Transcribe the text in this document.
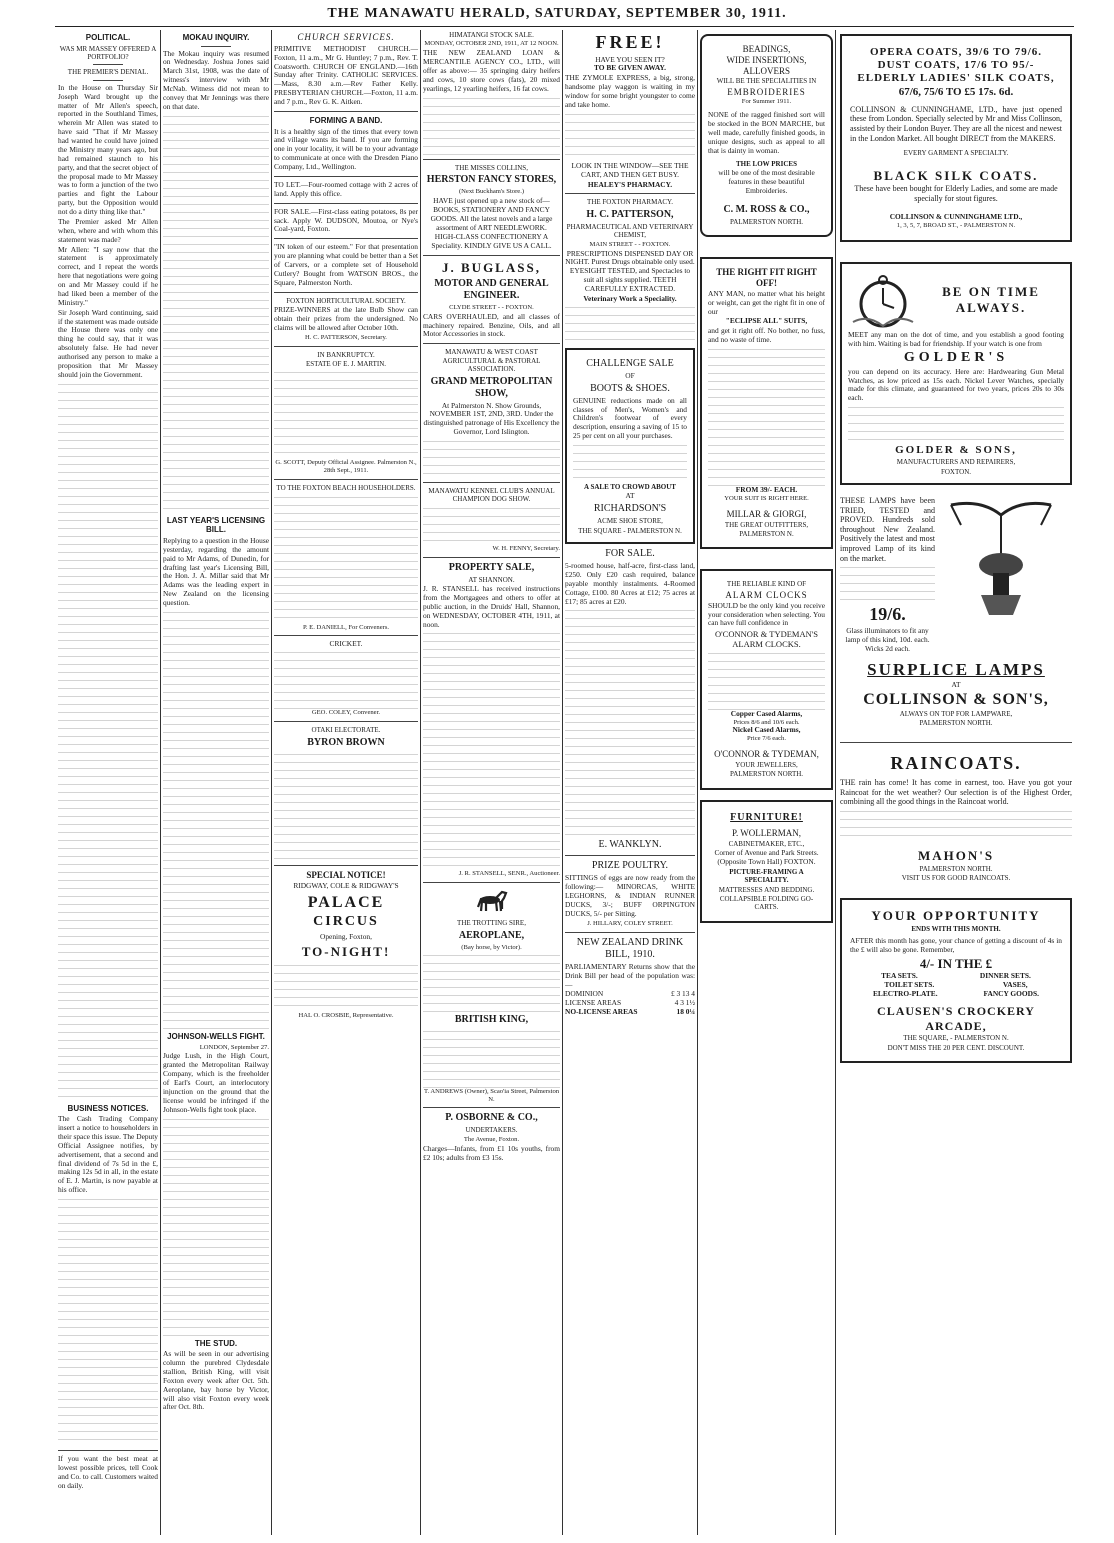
THE MANAWATU HERALD, SATURDAY, SEPTEMBER 30, 1911.
POLITICAL.
WAS MR MASSEY OFFERED A PORTFOLIO?
THE PREMIER'S DENIAL.

In the House on Thursday Sir Joseph Ward brought up the matter of Mr Allen's speech, reported in the Southland Times, wherein Mr Allen was stated to have said "That if Mr Massey had wanted he could have joined the Ministry many years ago, but had remained staunch to his party, and that the secret object of the proposal made to Mr Massey was to form a junction of the two parties and fight the Labour party, but the Opposition would not do a dirty thing like that."

The Premier asked Mr Allen when, where and with whom this statement was made?

Mr Allen: "I say now that the statement is approximately correct, and I repeat the words here that negotiations were going on and Mr Massey could if he had liked been a member of the Ministry."

Sir Joseph Ward continuing, said if the statement was made outside the House there was only one thing he could say, that it was absolutely false. He had never authorised any person to make a proposition that Mr Massey should join the Government.

BUSINESS NOTICES.

The Cash Trading Company insert a notice to householders in their space this issue. The Deputy Official Assignee notifies, by advertisement, that a second and final dividend of 7s 5d in the £, making 12s 5d in all, in the estate of E. J. Martin, is now payable at his office.

If you want the best meat at lowest possible prices, tell Cook and Co. to call. Customers waited on daily.

MOKAU INQUIRY.

The Mokau inquiry was resumed on Wednesday. Joshua Jones said March 31st, 1908, was the date of witness's interview with Mr McNab. Witness did not mean to convey that Mr Jennings was there on that date.

LAST YEAR'S LICENSING BILL.

Replying to a question in the House yesterday, regarding the amount paid to Mr Adams, of Dunedin, for drafting last year's Licensing Bill, the Hon. J. A. Millar said that Mr Adams was the leading expert in New Zealand on the licensing question.

JOHNSON-WELLS FIGHT.
LONDON, September 27.

Judge Lush, in the High Court, granted the Metropolitan Railway Company, which is the freeholder of Earl's Court, an interlocutory injunction on the ground that the license would be infringed if the Johnson-Wells fight took place.

THE STUD.

As will be seen in our advertising column the purebred Clydesdale stallion, British King, will visit Foxton every week after Oct. 5th. Aeroplane, bay horse by Victor, will also visit Foxton every week after Oct. 8th.

CHURCH SERVICES.

PRIMITIVE METHODIST CHURCH.—Foxton, 11 a.m., Mr G. Huntley; 7 p.m., Rev. T. Coatsworth. CHURCH OF ENGLAND.—16th Sunday after Trinity. CATHOLIC SERVICES.—Mass, 8.30 a.m.—Rev Father Kelly. PRESBYTERIAN CHURCH.—Foxton, 11 a.m. and 7 p.m., Rev G. K. Aitken.

FORMING A BAND.

It is a healthy sign of the times that every town and village wants its band. If you are forming one in your locality, it will be to your advantage to communicate at once with the Dresden Piano Company, Ltd., Wellington.

TO LET.—Four-roomed cottage with 2 acres of land. Apply this office.

FOR SALE.—First-class eating potatoes, 8s per sack. Apply W. DUDSON, Moutoa, or Nye's Coal-yard, Foxton.

"IN token of our esteem." For that presentation you are planning what could be better than a Set of Carvers, or a complete set of Household Cutlery? Bought from WATSON BROS., the Square, Palmerston North.

FOXTON HORTICULTURAL SOCIETY.

PRIZE-WINNERS at the late Bulb Show can obtain their prizes from the undersigned. No claims will be allowed after October 10th.

H. C. PATTERSON, Secretary.
IN BANKRUPTCY.
ESTATE OF E. J. MARTIN.
G. SCOTT, Deputy Official Assignee. Palmerston N., 28th Sept., 1911.
TO THE FOXTON BEACH HOUSEHOLDERS.
P. E. DANIELL, For Conveners.
CRICKET.
GEO. COLEY, Convener.
OTAKI ELECTORATE.
BYRON BROWN
SPECIAL NOTICE!
RIDGWAY, COLE & RIDGWAY'S
PALACE
CIRCUS
Opening, Foxton,
TO-NIGHT!
HAL O. CROSBIE, Representative.
HIMATANGI STOCK SALE.
MONDAY, OCTOBER 2ND, 1911, AT 12 NOON.

THE NEW ZEALAND LOAN & MERCANTILE AGENCY CO., LTD., will offer as above:— 35 springing dairy heifers and cows, 10 store cows (fats), 20 mixed yearlings, 12 yearling heifers, 16 fat cows.

THE MISSES COLLINS,
HERSTON FANCY STORES,
(Next Buckham's Store.)

HAVE just opened up a new stock of— BOOKS, STATIONERY AND FANCY GOODS. All the latest novels and a large assortment of ART NEEDLEWORK.

HIGH-CLASS CONFECTIONERY A Speciality. KINDLY GIVE US A CALL.

J. BUGLASS,
MOTOR AND GENERAL ENGINEER.
CLYDE STREET - - FOXTON.

CARS OVERHAULED, and all classes of machinery repaired. Benzine, Oils, and all Motor Accessories in stock.

MANAWATU & WEST COAST AGRICULTURAL & PASTORAL ASSOCIATION.
GRAND METROPOLITAN SHOW,

At Palmerston N. Show Grounds, NOVEMBER 1ST, 2ND, 3RD. Under the distinguished patronage of His Excellency the Governor, Lord Islington.

MANAWATU KENNEL CLUB'S ANNUAL CHAMPION DOG SHOW.
W. H. FENNY, Secretary.
PROPERTY SALE,
AT SHANNON.

J. R. STANSELL has received instructions from the Mortgagees and others to offer at public auction, in the Druids' Hall, Shannon, on WEDNESDAY, OCTOBER 4TH, 1911, at noon.

J. R. STANSELL, SENR., Auctioneer.
THE TROTTING SIRE,
AEROPLANE,
(Bay horse, by Victor).
BRITISH KING,
T. ANDREWS (Owner), Scao'ia Street, Palmerston N.
P. OSBORNE & CO.,
UNDERTAKERS.
The Avenue, Foxton.

Charges—Infants, from £1 10s youths, from £2 10s; adults from £3 15s.

FREE!
HAVE YOU SEEN IT?
TO BE GIVEN AWAY.

THE ZYMOLE EXPRESS, a big, strong, handsome play waggon is waiting in my window for some bright youngster to come and take home.

LOOK IN THE WINDOW—SEE THE CART, AND THEN GET BUSY.

HEALEY'S PHARMACY.
THE FOXTON PHARMACY.
H. C. PATTERSON,
PHARMACEUTICAL AND VETERINARY CHEMIST,
MAIN STREET - - FOXTON.

PRESCRIPTIONS DISPENSED DAY OR NIGHT. Purest Drugs obtainable only used. EYESIGHT TESTED, and Spectacles to suit all sights supplied. TEETH CAREFULLY EXTRACTED.

Veterinary Work a Speciality.
CHALLENGE SALE
OF
BOOTS & SHOES.

GENUINE reductions made on all classes of Men's, Women's and Children's footwear of every description, ensuring a saving of 15 to 25 per cent on all your purchases.

A SALE TO CROWD ABOUT
AT
RICHARDSON'S
ACME SHOE STORE,
THE SQUARE - PALMERSTON N.
FOR SALE.

5-roomed house, half-acre, first-class land, £250. Only £20 cash required, balance payable monthly instalments. 4-Roomed Cottage, £100. 80 Acres at £12; 75 acres at £17; 85 acres at £20.

E. WANKLYN.
PRIZE POULTRY.

SITTINGS of eggs are now ready from the following:— MINORCAS, WHITE LEGHORNS, & INDIAN RUNNER DUCKS, 3/-; BUFF ORPINGTON DUCKS, 5/- per Sitting.

J. HILLARY, COLEY STREET.
NEW ZEALAND DRINK BILL, 1910.

PARLIAMENTARY Returns show that the Drink Bill per head of the population was:—

DOMINION	£ 3 13 4
LICENSE AREAS	4 3 1½
NO-LICENSE AREAS	18 0¼
BEADINGS,
WIDE INSERTIONS,
ALLOVERS
WILL BE THE SPECIALITIES IN
EMBROIDERIES
For Summer 1911.

NONE of the ragged finished sort will be stocked in the BON MARCHE, but well made, carefully finished goods, in unique designs, such as appeal to all that is dainty in woman.

THE LOW PRICES

will be one of the most desirable features in these beautiful Embroideries.

C. M. ROSS & CO.,
PALMERSTON NORTH.
THE RIGHT FIT RIGHT OFF!

ANY MAN, no matter what his height or weight, can get the right fit in one of our

"ECLIPSE ALL" SUITS,

and get it right off. No bother, no fuss, and no waste of time.

FROM 39/- EACH.
YOUR SUIT IS RIGHT HERE.
MILLAR & GIORGI,
THE GREAT OUTFITTERS,
PALMERSTON N.
THE RELIABLE KIND OF
ALARM CLOCKS

SHOULD be the only kind you receive your consideration when selecting. You can have full confidence in

O'CONNOR & TYDEMAN'S
ALARM CLOCKS.
Copper Cased Alarms,
Prices 8/6 and 10/6 each.
Nickel Cased Alarms,
Price 7/6 each.
O'CONNOR & TYDEMAN,
YOUR JEWELLERS,
PALMERSTON NORTH.
FURNITURE!
P. WOLLERMAN,
CABINETMAKER, ETC.,

Corner of Avenue and Park Streets. (Opposite Town Hall) FOXTON.

PICTURE-FRAMING A SPECIALITY.
MATTRESSES AND BEDDING.
COLLAPSIBLE FOLDING GO-CARTS.
OPERA COATS, 39/6 TO 79/6.
DUST COATS, 17/6 TO 95/-
ELDERLY LADIES' SILK COATS,
67/6, 75/6 TO £5 17s. 6d.

COLLINSON & CUNNINGHAME, LTD., have just opened these from London. Specially selected by Mr and Miss Collinson, assisted by their London Buyer. They are all the nicest and newest in the London Market. All bought DIRECT from the MAKERS.

EVERY GARMENT A SPECIALTY.
BLACK SILK COATS.

These have been bought for Elderly Ladies, and some are made specially for stout figures.

COLLINSON & CUNNINGHAME LTD.,
1, 3, 5, 7, BROAD ST., - PALMERSTON N.
BE ON TIME ALWAYS.

MEET any man on the dot of time, and you establish a good footing with him. Waiting is bad for friendship. If your watch is one from

GOLDER'S

you can depend on its accuracy. Here are: Hardwearing Gun Metal Watches, as low priced as 15s each. Nickel Lever Watches, specially made for this climate, and guaranteed for two years, prices 20s to 30s each.

GOLDER & SONS,
MANUFACTURERS AND REPAIRERS,
FOXTON.

THESE LAMPS have been TRIED, TESTED and PROVED. Hundreds sold throughout New Zealand. Positively the latest and most improved Lamp of its kind on the market.

19/6.

Glass illuminators to fit any lamp of this kind, 10d. each. Wicks 2d each.

SURPLICE LAMPS
AT
COLLINSON & SON'S,
ALWAYS ON TOP FOR LAMPWARE,
PALMERSTON NORTH.
RAINCOATS.

THE rain has come! It has come in earnest, too. Have you got your Raincoat for the wet weather? Our selection is of the Highest Order, combining all the good things in the Raincoat world.

MAHON'S
PALMERSTON NORTH.
VISIT US FOR GOOD RAINCOATS.
YOUR OPPORTUNITY
ENDS WITH THIS MONTH.

AFTER this month has gone, your chance of getting a discount of 4s in the £ will also be gone. Remember,

4/- IN THE £
TEA SETS.	DINNER SETS.
TOILET SETS.	VASES,
ELECTRO-PLATE.	FANCY GOODS.
CLAUSEN'S CROCKERY ARCADE,
THE SQUARE, - PALMERSTON N.
DON'T MISS THE 20 PER CENT. DISCOUNT.
